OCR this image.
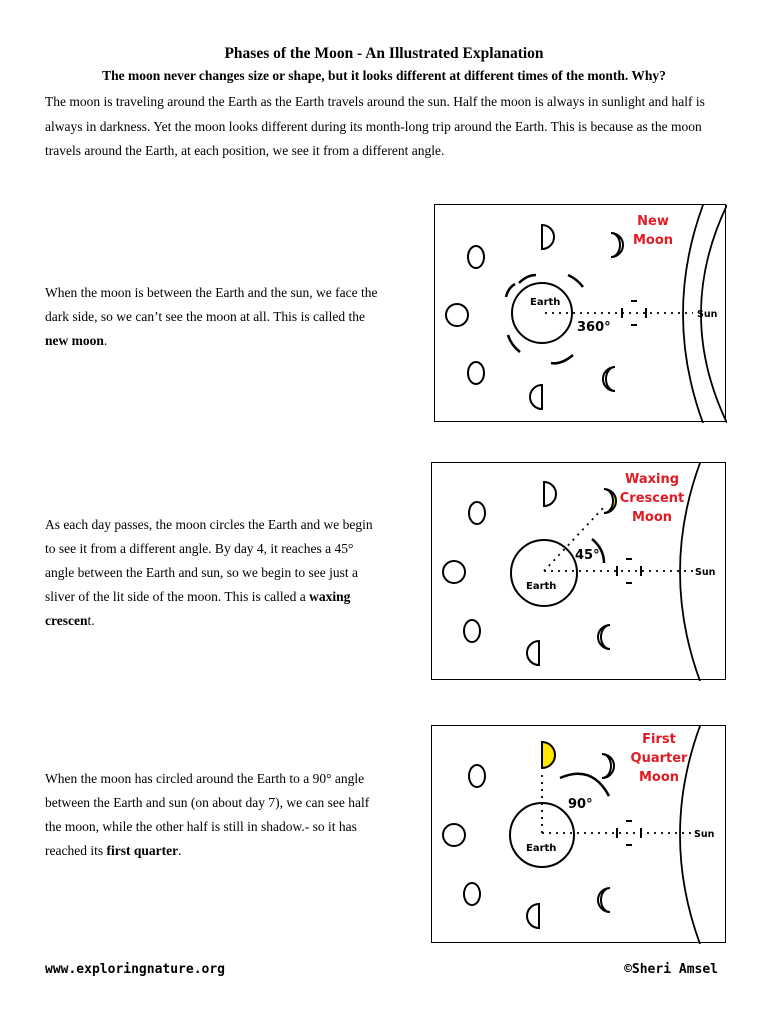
Phases of the Moon - An Illustrated Explanation
The moon never changes size or shape, but it looks different at different times of the month. Why?
The moon is traveling around the Earth as the Earth travels around the sun. Half the moon is always in sunlight and half is always in darkness. Yet the moon looks different during its month-long trip around the Earth. This is because as the moon travels around the Earth, at each position, we see it from a different angle.
When the moon is between the Earth and the sun, we face the dark side, so we can’t see the moon at all. This is called the new moon.
Earth
Sun
360°
New
Moon
As each day passes, the moon circles the Earth and we begin to see it from a different angle. By day 4, it reaches a 45° angle between the Earth and sun, so we begin to see just a sliver of the lit side of the moon. This is called a waxing crescent.
Earth
45°
Sun
Waxing
Crescent
Moon
When the moon has circled around the Earth to a 90° angle between the Earth and sun (on about day 7), we can see half the moon, while the other half is still in shadow.- so it has reached its first quarter.	Earth
90°
Sun
First
Quarter
Moon
www.exploringnature.org	©Sheri Amsel
